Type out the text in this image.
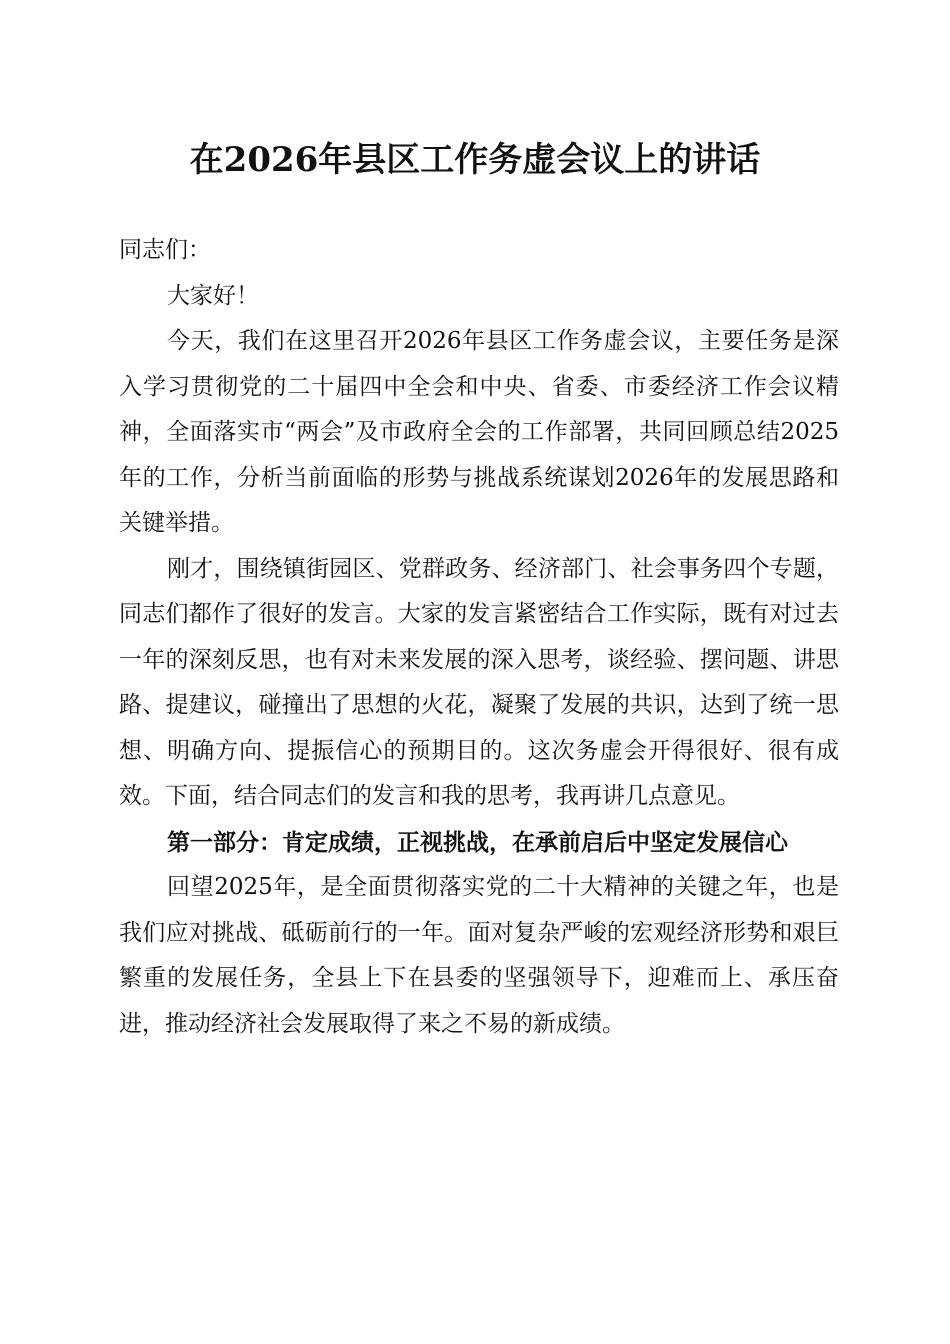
在2026年县区工作务虚会议上的讲话

同志们：

大家好！

今天，我们在这里召开2026年县区工作务虚会议，主要任务是深入学习贯彻党的二十届四中全会和中央、省委、市委经济工作会议精神，全面落实市“两会”及市政府全会的工作部署，共同回顾总结2025年的工作，分析当前面临的形势与挑战系统谋划2026年的发展思路和关键举措。

刚才，围绕镇街园区、党群政务、经济部门、社会事务四个专题，同志们都作了很好的发言。大家的发言紧密结合工作实际，既有对过去一年的深刻反思，也有对未来发展的深入思考，谈经验、摆问题、讲思路、提建议，碰撞出了思想的火花，凝聚了发展的共识，达到了统一思想、明确方向、提振信心的预期目的。这次务虚会开得很好、很有成效。下面，结合同志们的发言和我的思考，我再讲几点意见。

第一部分：肯定成绩，正视挑战，在承前启后中坚定发展信心

回望2025年，是全面贯彻落实党的二十大精神的关键之年，也是我们应对挑战、砥砺前行的一年。面对复杂严峻的宏观经济形势和艰巨繁重的发展任务，全县上下在县委的坚强领导下，迎难而上、承压奋进，推动经济社会发展取得了来之不易的新成绩。
